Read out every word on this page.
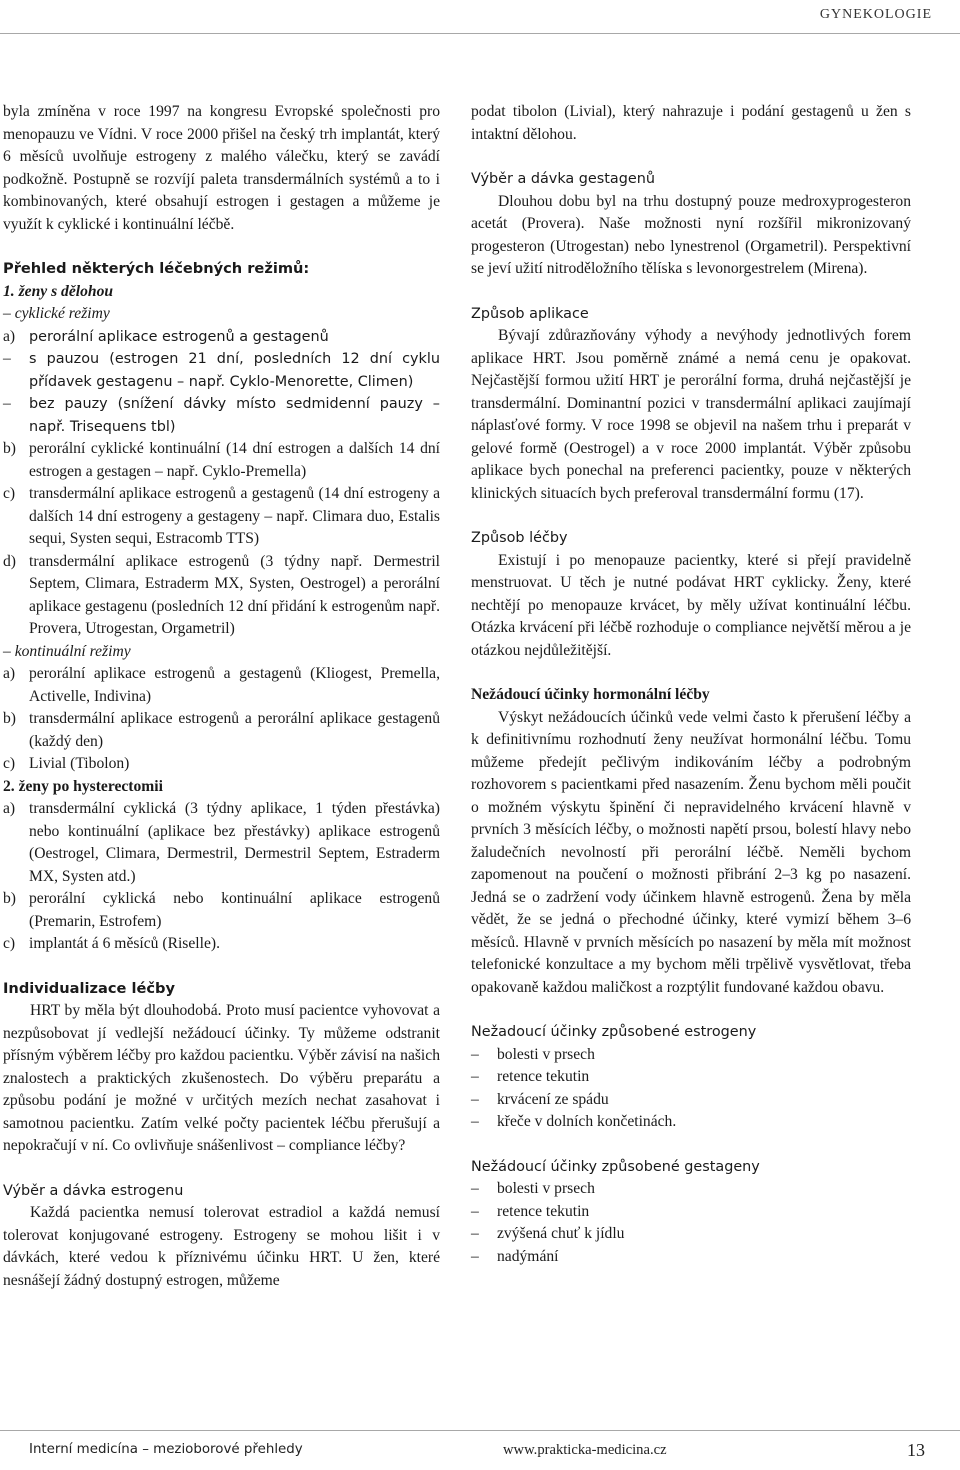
GYNEKOLOGIE

byla zmíněna v roce 1997 na kongresu Evropské společnosti pro menopauzu ve Vídni. V roce 2000 přišel na český trh implantát, který 6 měsíců uvolňuje estrogeny z malého válečku, který se zavádí podkožně. Postupně se rozvíjí paleta transdermálních systémů a to i kombinovaných, které obsahují estrogen i gestagen a můžeme je využít k cyklické i kontinuální léčbě.

Přehled některých léčebných režimů:
1. ženy s dělohou
– cyklické režimy
a) perorální aplikace estrogenů a gestagenů
–	s pauzou (estrogen 21 dní, posledních 12 dní cyklu přídavek gestagenu – např. Cyklo-Menorette, Climen)
–	bez pauzy (snížení dávky místo sedmidenní pauzy – např. Trisequens tbl)
b) perorální cyklické kontinuální (14 dní estrogen a dalších 14 dní estrogen a gestagen – např. Cyklo-Premella)
c) transdermální aplikace estrogenů a gestagenů (14 dní estrogeny a dalších 14 dní estrogeny a gestageny – např. Climara duo, Estalis sequi, Systen sequi, Estracomb TTS)
d) transdermální aplikace estrogenů (3 týdny např. Dermestril Septem, Climara, Estraderm MX, Systen, Oestrogel) a perorální aplikace gestagenu (posledních 12 dní přidání k estrogenům např. Provera, Utrogestan, Orgametril)
– kontinuální režimy
a) perorální aplikace estrogenů a gestagenů (Kliogest, Premella, Activelle, Indivina)
b) transdermální aplikace estrogenů a perorální aplikace gestagenů (každý den)
c) Livial (Tibolon)
2. ženy po hysterectomii
a) transdermální cyklická (3 týdny aplikace, 1 týden přestávka) nebo kontinuální (aplikace bez přestávky) aplikace estrogenů (Oestrogel, Climara, Dermestril, Dermestril Septem, Estraderm MX, Systen atd.)
b) perorální cyklická nebo kontinuální aplikace estrogenů (Premarin, Estrofem)
c) implantát á 6 měsíců (Riselle).
Individualizace léčby

HRT by měla být dlouhodobá. Proto musí pacientce vyhovovat a nezpůsobovat jí vedlejší nežádoucí účinky. Ty můžeme odstranit přísným výběrem léčby pro každou pacientku. Výběr závisí na našich znalostech a praktických zkušenostech. Do výběru preparátu a způsobu podání je možné v určitých mezích nechat zasahovat i samotnou pacientku. Zatím velké počty pacientek léčbu přerušují a nepokračují v ní. Co ovlivňuje snášenlivost – compliance léčby?

Výběr a dávka estrogenu

Každá pacientka nemusí tolerovat estradiol a každá nemusí tolerovat konjugované estrogeny. Estrogeny se mohou lišit i v dávkách, které vedou k příznivému účinku HRT. U žen, které nesnášejí žádný dostupný estrogen, můžeme

podat tibolon (Livial), který nahrazuje i podání gestagenů u žen s intaktní dělohou.

Výběr a dávka gestagenů

Dlouhou dobu byl na trhu dostupný pouze medroxyprogesteron acetát (Provera). Naše možnosti nyní rozšířil mikronizovaný progesteron (Utrogestan) nebo lynestrenol (Orgametril). Perspektivní se jeví užití nitroděložního tělíska s levonorgestrelem (Mirena).

Způsob aplikace

Bývají zdůrazňovány výhody a nevýhody jednotlivých forem aplikace HRT. Jsou poměrně známé a nemá cenu je opakovat. Nejčastější formou užití HRT je perorální forma, druhá nejčastější je transdermální. Dominantní pozici v transdermální aplikaci zaujímají náplasťové formy. V roce 1998 se objevil na našem trhu i preparát v gelové formě (Oestrogel) a v roce 2000 implantát. Výběr způsobu aplikace bych ponechal na preferenci pacientky, pouze v některých klinických situacích bych preferoval transdermální formu (17).

Způsob léčby

Existují i po menopauze pacientky, které si přejí pravidelně menstruovat. U těch je nutné podávat HRT cyklicky. Ženy, které nechtějí po menopauze krvácet, by měly užívat kontinuální léčbu. Otázka krvácení při léčbě rozhoduje o compliance největší měrou a je otázkou nejdůležitější.

Nežádoucí účinky hormonální léčby

Výskyt nežádoucích účinků vede velmi často k přerušení léčby a k definitivnímu rozhodnutí ženy neužívat hormonální léčbu. Tomu můžeme předejít pečlivým indikováním léčby a podrobným rozhovorem s pacientkami před nasazením. Ženu bychom měli poučit o možném výskytu špinění či nepravidelného krvácení hlavně v prvních 3 měsících léčby, o možnosti napětí prsou, bolestí hlavy nebo žaludečních nevolností při perorální léčbě. Neměli bychom zapomenout na poučení o možnosti přibrání 2–3 kg po nasazení. Jedná se o zadržení vody účinkem hlavně estrogenů. Žena by měla vědět, že se jedná o přechodné účinky, které vymizí během 3–6 měsíců. Hlavně v prvních měsících po nasazení by měla mít možnost telefonické konzultace a my bychom měli trpělivě vysvětlovat, třeba opakovaně každou maličkost a rozptýlit fundované každou obavu.

Nežadoucí účinky způsobené estrogeny
–	bolesti v prsech
–	retence tekutin
–	krvácení ze spádu
–	křeče v dolních končetinách.
Nežádoucí účinky způsobené gestageny
–	bolesti v prsech
–	retence tekutin
–	zvýšená chuť k jídlu
–	nadýmání
Interní medicína – mezioborové přehledy	www.prakticka-medicina.cz	13
